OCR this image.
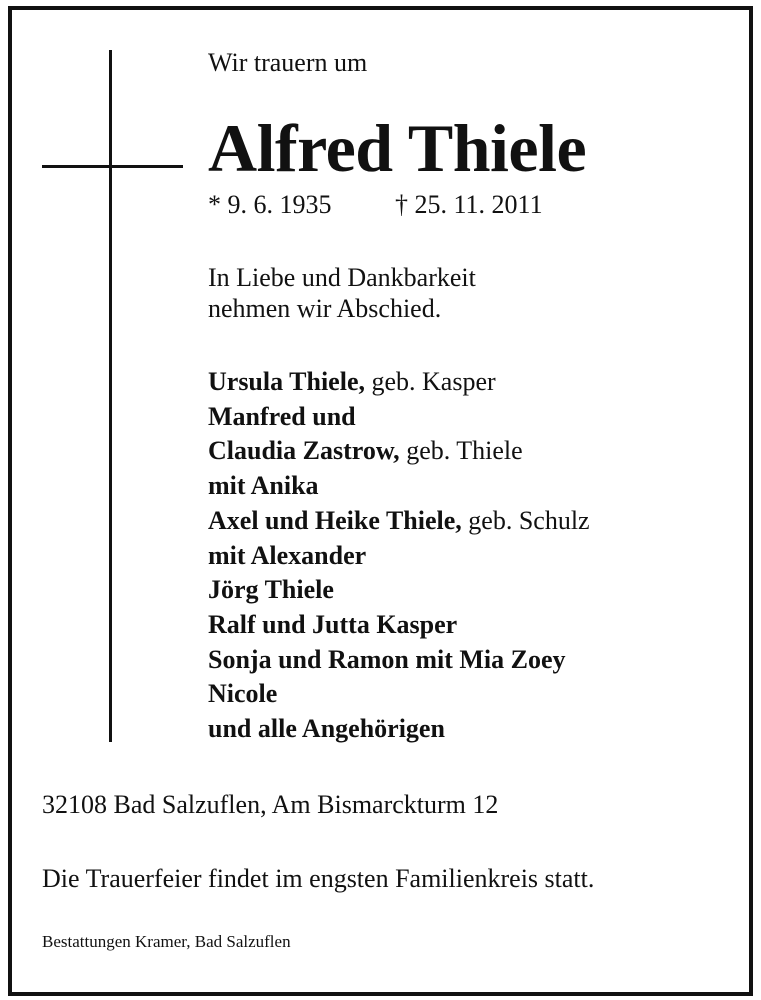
Wir trauern um
Alfred Thiele
* 9. 6. 1935 † 25. 11. 2011
In Liebe und Dankbarkeit
nehmen wir Abschied.
Ursula Thiele, geb. Kasper
Manfred und
Claudia Zastrow, geb. Thiele
mit Anika
Axel und Heike Thiele, geb. Schulz
mit Alexander
Jörg Thiele
Ralf und Jutta Kasper
Sonja und Ramon mit Mia Zoey
Nicole
und alle Angehörigen
32108 Bad Salzuflen, Am Bismarckturm 12
Die Trauerfeier findet im engsten Familienkreis statt.
Bestattungen Kramer, Bad Salzuflen
